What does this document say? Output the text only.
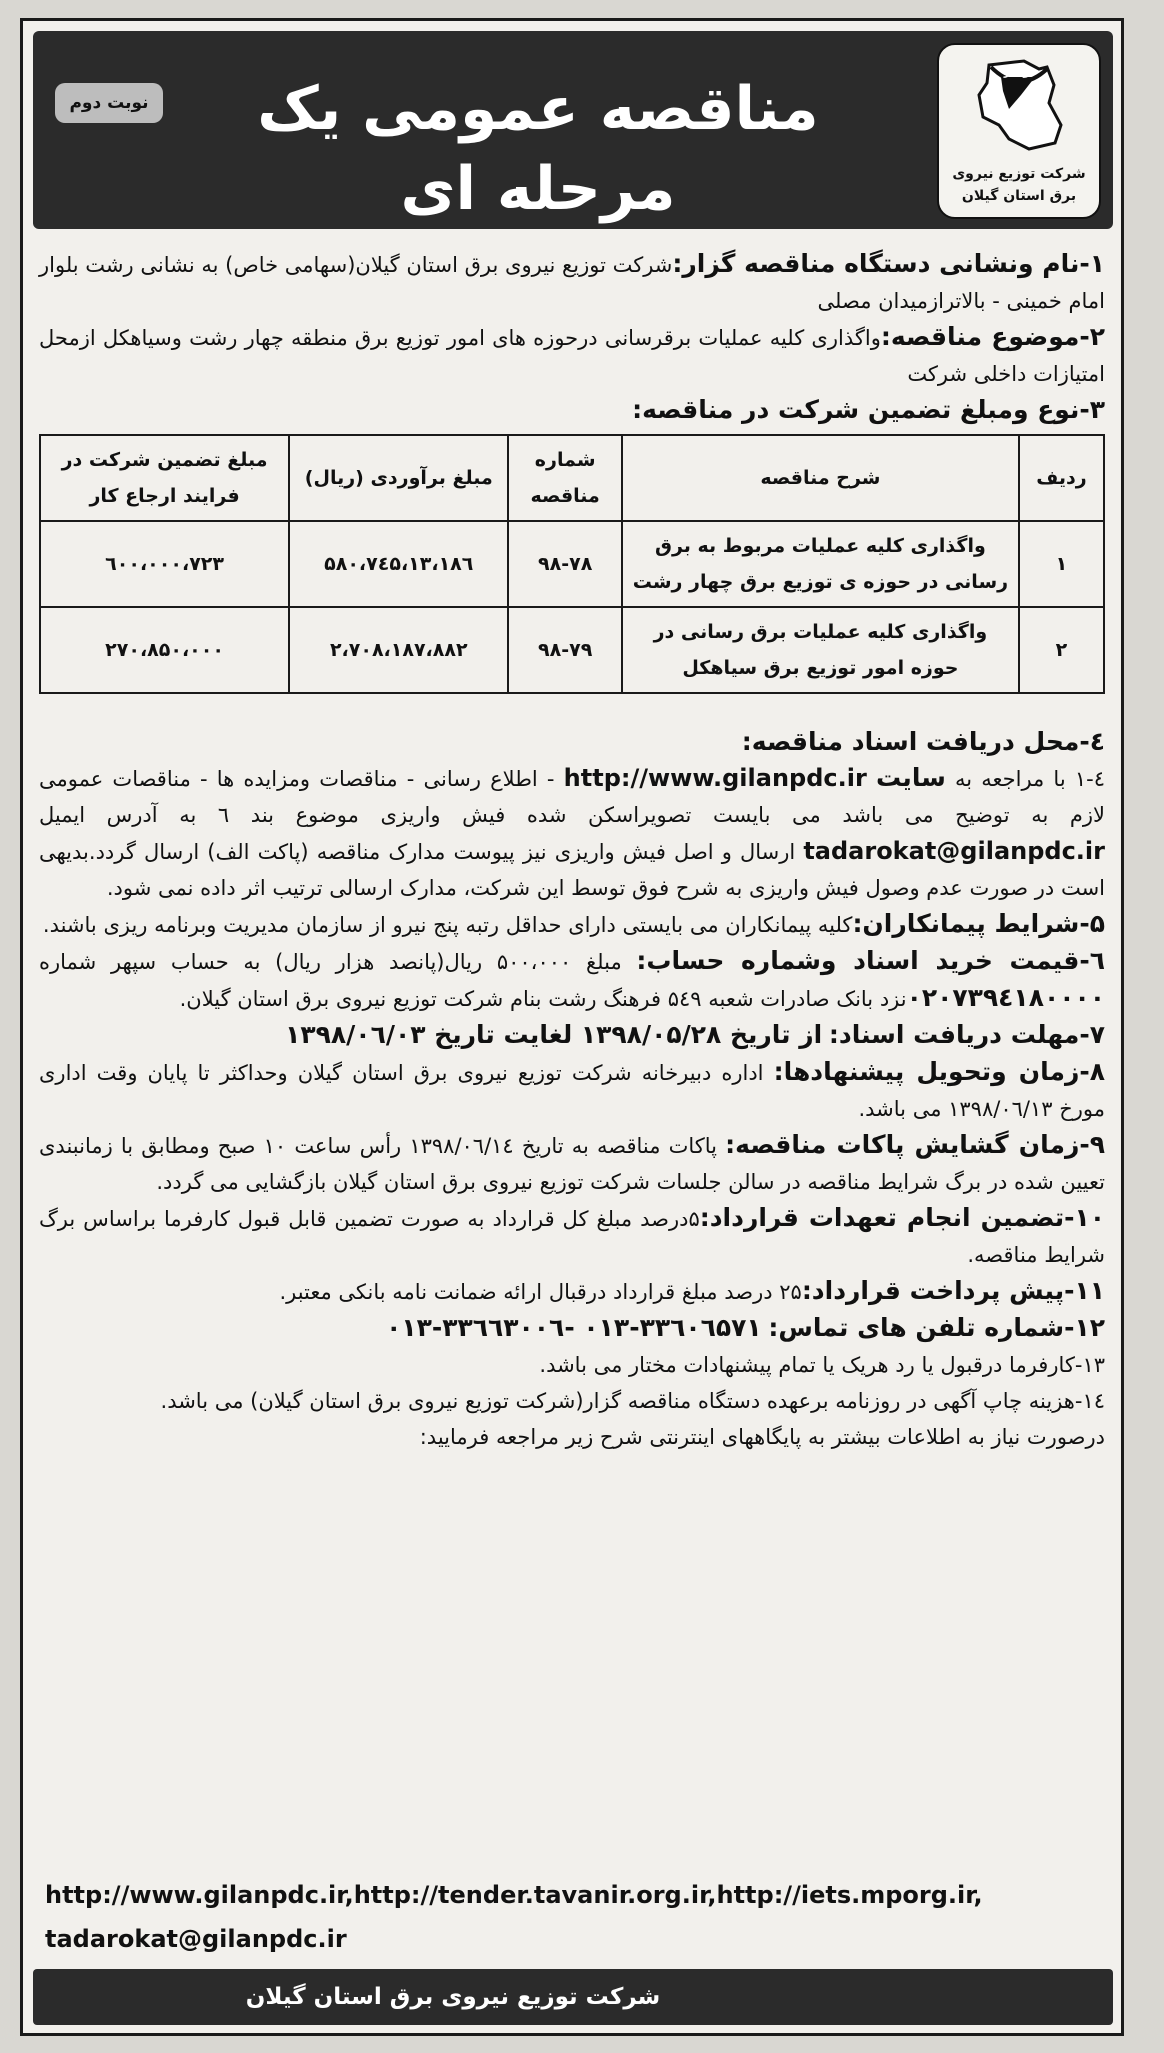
توانیر
شرکت توزیع نیروی برق استان گیلان
مناقصه عمومی یک مرحله ای
نوبت دوم

۱-نام ونشانی دستگاه مناقصه گزار:شرکت توزیع نیروی برق استان گیلان(سهامی خاص) به نشانی رشت بلوار امام خمینی - بالاترازمیدان مصلی

۲-موضوع مناقصه:واگذاری کلیه عملیات برقرسانی درحوزه های امور توزیع برق منطقه چهار رشت وسیاهکل ازمحل امتیازات داخلی شرکت

۳-نوع ومبلغ تضمین شرکت در مناقصه:

ردیف	شرح مناقصه	شماره مناقصه	مبلغ برآوردی (ریال)	مبلغ تضمین شرکت در فرایند ارجاع کار
۱	واگذاری کلیه عملیات مربوط به برق رسانی در حوزه ی توزیع برق چهار رشت	۹۸-۷۸	۱۳،۱۸٦،۵۸۰،۷٤۵	۷۲۳،٦۰۰،۰۰۰
۲	واگذاری کلیه عملیات برق رسانی در حوزه امور توزیع برق سیاهکل	۹۸-۷۹	۲،۷۰۸،۱۸۷،۸۸۲	۲۷۰،۸۵۰،۰۰۰

٤-محل دریافت اسناد مناقصه:

٤-١ با مراجعه به سایت http://www.gilanpdc.ir - اطلاع رسانی - مناقصات ومزایده ها - مناقصات عمومی لازم به توضیح می باشد می بایست تصویراسکن شده فیش واریزی موضوع بند ٦ به آدرس ایمیل tadarokat@gilanpdc.ir ارسال و اصل فیش واریزی نیز پیوست مدارک مناقصه (پاکت الف) ارسال گردد.بدیهی است در صورت عدم وصول فیش واریزی به شرح فوق توسط این شرکت، مدارک ارسالی ترتیب اثر داده نمی شود.

۵-شرایط پیمانکاران:کلیه پیمانکاران می بایستی دارای حداقل رتبه پنج نیرو از سازمان مدیریت وبرنامه ریزی باشند.

٦-قیمت خرید اسناد وشماره حساب: مبلغ ۵۰۰،۰۰۰ ریال(پانصد هزار ریال) به حساب سپهر شماره ۰۲۰۷۳۹٤۱۸۰۰۰۰نزد بانک صادرات شعبه ۵٤۹ فرهنگ رشت بنام شرکت توزیع نیروی برق استان گیلان.

۷-مهلت دریافت اسناد: از تاریخ ۱۳۹۸/۰۵/۲۸ لغایت تاریخ ۱۳۹۸/۰٦/۰۳

۸-زمان وتحویل پیشنهادها: اداره دبیرخانه شرکت توزیع نیروی برق استان گیلان وحداکثر تا پایان وقت اداری مورخ ۱۳۹۸/۰٦/۱۳ می باشد.

۹-زمان گشایش پاکات مناقصه: پاکات مناقصه به تاریخ ۱۳۹۸/۰٦/۱٤ رأس ساعت ۱۰ صبح ومطابق با زمانبندی تعیین شده در برگ شرایط مناقصه در سالن جلسات شرکت توزیع نیروی برق استان گیلان بازگشایی می گردد.

۱۰-تضمین انجام تعهدات قرارداد:۵درصد مبلغ کل قرارداد به صورت تضمین قابل قبول کارفرما براساس برگ شرایط مناقصه.

۱۱-پیش پرداخت قرارداد:۲۵ درصد مبلغ قرارداد درقبال ارائه ضمانت نامه بانکی معتبر.

۱۲-شماره تلفن های تماس: ۳۳٦۰٦۵۷۱-۰۱۳ -۳۳٦٦۳۰۰٦-۰۱۳

۱۳-کارفرما درقبول یا رد هریک یا تمام پیشنهادات مختار می باشد.

١٤-هزینه چاپ آگهی در روزنامه برعهده دستگاه مناقصه گزار(شرکت توزیع نیروی برق استان گیلان) می باشد.

درصورت نیاز به اطلاعات بیشتر به پایگاههای اینترنتی شرح زیر مراجعه فرمایید:

http://www.gilanpdc.ir,http://tender.tavanir.org.ir,http://iets.mporg.ir,
tadarokat@gilanpdc.ir
شرکت توزیع نیروی برق استان گیلان
